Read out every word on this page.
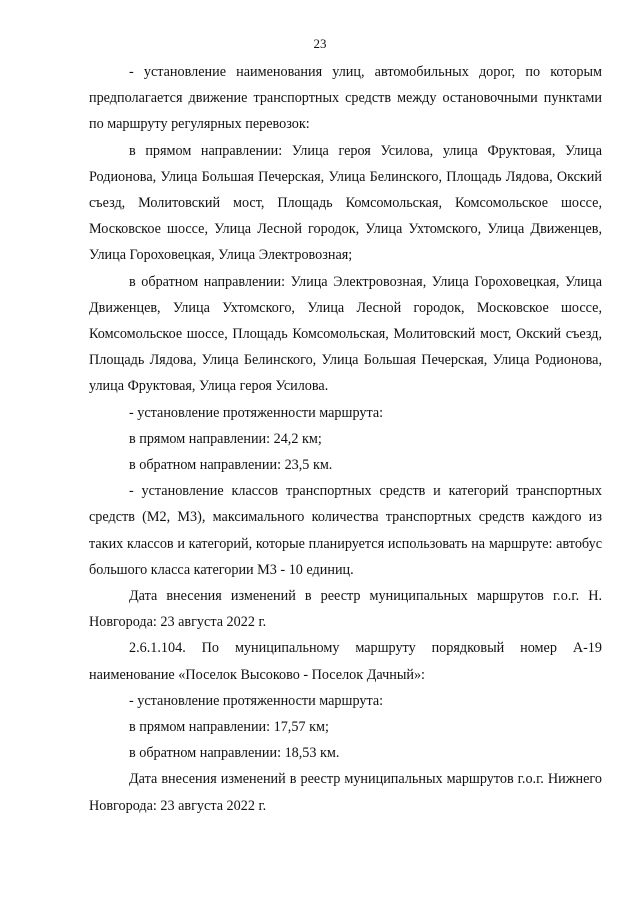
23

- установление наименования улиц, автомобильных дорог, по которым предполагается движение транспортных средств между остановочными пунктами по маршруту регулярных перевозок:

в прямом направлении: Улица героя Усилова, улица Фруктовая, Улица Родионова, Улица Большая Печерская, Улица Белинского, Площадь Лядова, Окский съезд, Молитовский мост, Площадь Комсомольская, Комсомольское шоссе, Московское шоссе, Улица Лесной городок, Улица Ухтомского, Улица Движенцев, Улица Гороховецкая, Улица Электровозная;

в обратном направлении: Улица Электровозная, Улица Гороховецкая, Улица Движенцев, Улица Ухтомского, Улица Лесной городок, Московское шоссе, Комсомольское шоссе, Площадь Комсомольская, Молитовский мост, Окский съезд, Площадь Лядова, Улица Белинского, Улица Большая Печерская, Улица Родионова, улица Фруктовая, Улица героя Усилова.

- установление протяженности маршрута:

в прямом направлении: 24,2 км;

в обратном направлении: 23,5 км.

- установление классов транспортных средств и категорий транспортных средств (М2, М3), максимального количества транспортных средств каждого из таких классов и категорий, которые планируется использовать на маршруте: автобус большого класса категории М3 - 10 единиц.

Дата внесения изменений в реестр муниципальных маршрутов г.о.г. Н. Новгорода: 23 августа 2022 г.

2.6.1.104. По муниципальному маршруту порядковый номер А-19 наименование «Поселок Высоково - Поселок Дачный»:

- установление протяженности маршрута:

в прямом направлении: 17,57 км;

в обратном направлении: 18,53 км.

Дата внесения изменений в реестр муниципальных маршрутов г.о.г. Нижнего Новгорода: 23 августа 2022 г.
